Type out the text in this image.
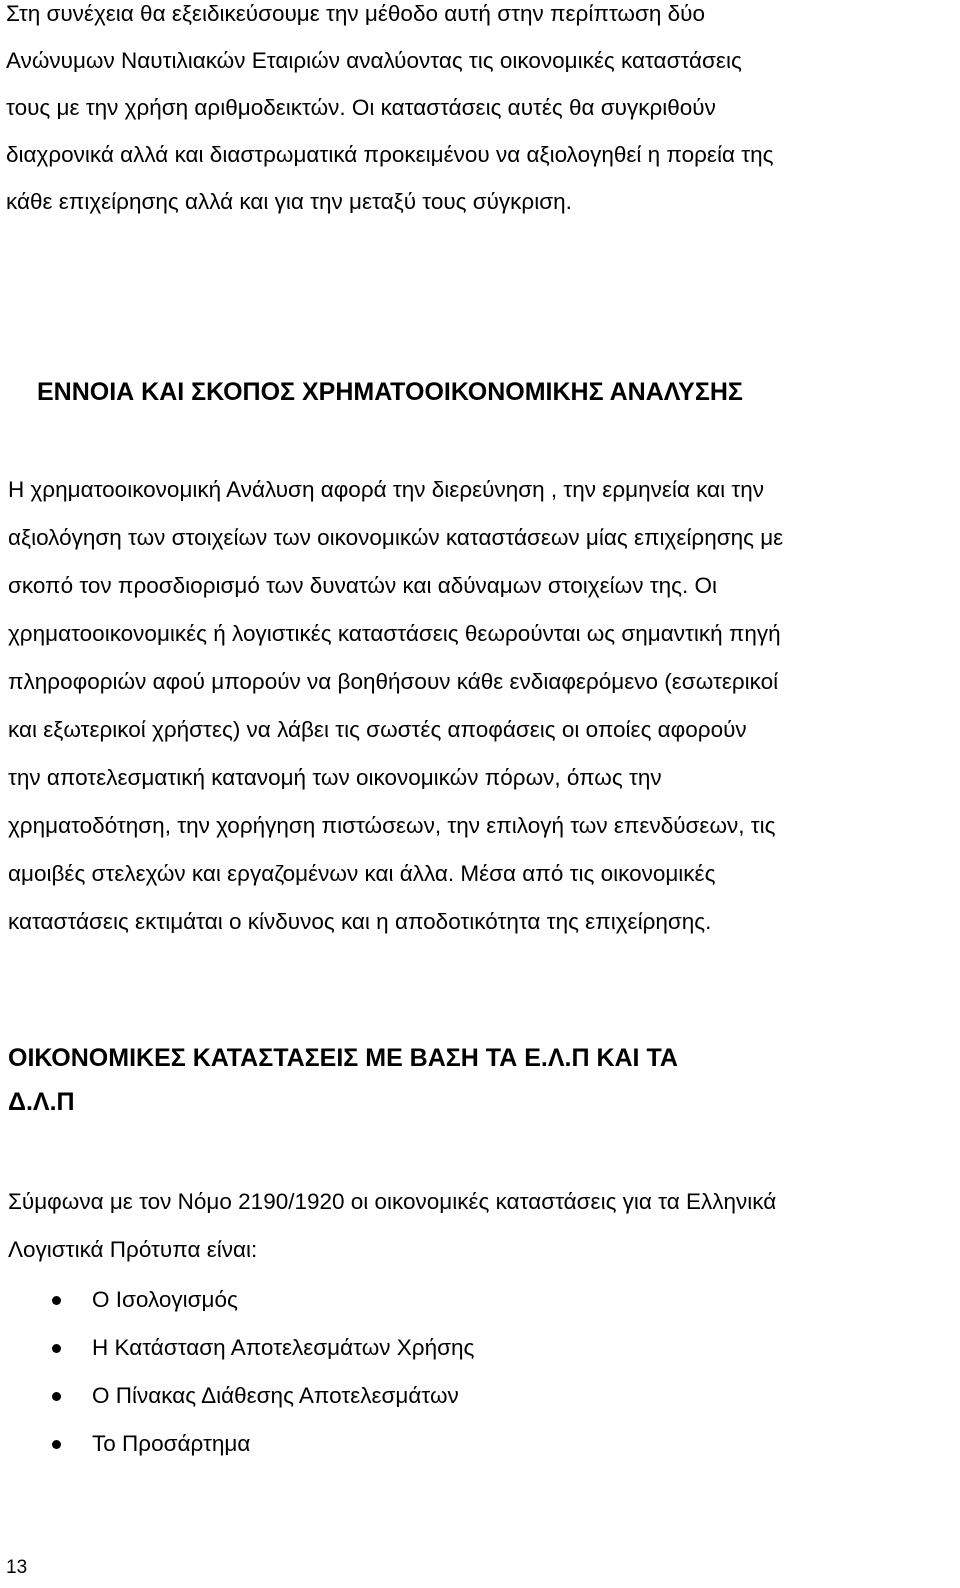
Στη συνέχεια θα εξειδικεύσουμε την μέθοδο αυτή στην περίπτωση δύο
Ανώνυμων Ναυτιλιακών Εταιριών αναλύοντας τις οικονομικές καταστάσεις
τους με την χρήση αριθμοδεικτών. Οι καταστάσεις αυτές θα συγκριθούν
διαχρονικά αλλά και διαστρωματικά προκειμένου να αξιολογηθεί η πορεία της
κάθε επιχείρησης αλλά και για την μεταξύ τους σύγκριση.
ΕΝΝΟΙΑ ΚΑΙ ΣΚΟΠΟΣ ΧΡΗΜΑΤΟΟΙΚΟΝΟΜΙΚΗΣ ΑΝΑΛΥΣΗΣ
Η χρηματοοικονομική Ανάλυση αφορά την διερεύνηση , την ερμηνεία και την
αξιολόγηση των στοιχείων των οικονομικών καταστάσεων μίας επιχείρησης με
σκοπό τον προσδιορισμό των δυνατών και αδύναμων στοιχείων της. Οι
χρηματοοικονομικές ή λογιστικές καταστάσεις θεωρούνται ως σημαντική πηγή
πληροφοριών αφού μπορούν να βοηθήσουν κάθε ενδιαφερόμενο (εσωτερικοί
και εξωτερικοί χρήστες) να λάβει τις σωστές αποφάσεις οι οποίες αφορούν
την αποτελεσματική κατανομή των οικονομικών πόρων, όπως την
χρηματοδότηση, την χορήγηση πιστώσεων, την επιλογή των επενδύσεων, τις
αμοιβές στελεχών και εργαζομένων και άλλα. Μέσα από τις οικονομικές
καταστάσεις εκτιμάται ο κίνδυνος και η αποδοτικότητα της επιχείρησης.
ΟΙΚΟΝΟΜΙΚΕΣ ΚΑΤΑΣΤΑΣΕΙΣ ΜΕ ΒΑΣΗ ΤΑ Ε.Λ.Π ΚΑΙ ΤΑ
Δ.Λ.Π
Σύμφωνα με τον Νόμο 2190/1920 οι οικονομικές καταστάσεις για τα Ελληνικά
Λογιστικά Πρότυπα είναι:
Ο Ισολογισμός
Η Κατάσταση Αποτελεσμάτων Χρήσης
Ο Πίνακας Διάθεσης Αποτελεσμάτων
Το Προσάρτημα
13
